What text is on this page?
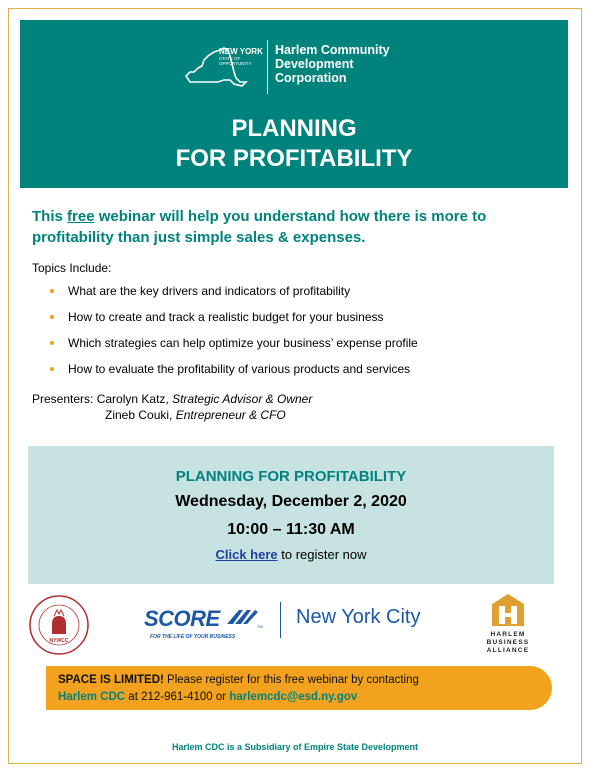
NEW YORK
STATE OF
OPPORTUNITY.
Harlem Community
Development
Corporation
PLANNING
FOR PROFITABILITY
This free webinar will help you understand how there is more to profitability than just simple sales & expenses.
Topics Include:
What are the key drivers and indicators of profitability
How to create and track a realistic budget for your business
Which strategies can help optimize your business’ expense profile
How to evaluate the profitability of various products and services
Presenters: Carolyn Katz, Strategic Advisor & Owner
Zineb Couki, Entrepreneur & CFO
PLANNING FOR PROFITABILITY
Wednesday, December 2, 2020
10:00 – 11:30 AM
Click here to register now
NYWCC
SCORE	TM
FOR THE LIFE OF YOUR BUSINESS
New York City
HARLEM
BUSINESS
ALLIANCE
SPACE IS LIMITED! Please register for this free webinar by contacting
Harlem CDC at 212-961-4100 or harlemcdc@esd.ny.gov
Harlem CDC is a Subsidiary of Empire State Development
